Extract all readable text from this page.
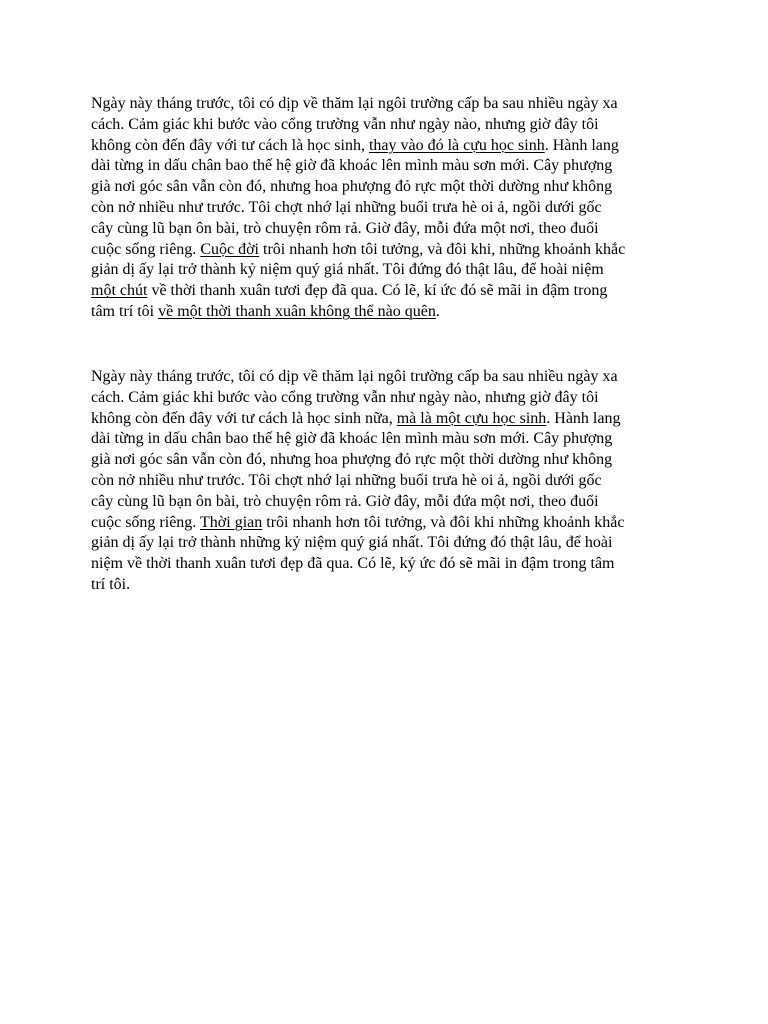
Ngày này tháng trước, tôi có dịp về thăm lại ngôi trường cấp ba sau nhiều ngày xa
cách. Cảm giác khi bước vào cổng trường vẫn như ngày nào, nhưng giờ đây tôi
không còn đến đây với tư cách là học sinh, thay vào đó là cựu học sinh. Hành lang
dài từng in dấu chân bao thế hệ giờ đã khoác lên mình màu sơn mới. Cây phượng
già nơi góc sân vẫn còn đó, nhưng hoa phượng đỏ rực một thời dường như không
còn nở nhiều như trước. Tôi chợt nhớ lại những buổi trưa hè oi ả, ngồi dưới gốc
cây cùng lũ bạn ôn bài, trò chuyện rôm rả. Giờ đây, mỗi đứa một nơi, theo đuổi
cuộc sống riêng. Cuộc đời trôi nhanh hơn tôi tưởng, và đôi khi, những khoảnh khắc
giản dị ấy lại trở thành kỷ niệm quý giá nhất. Tôi đứng đó thật lâu, để hoài niệm
một chút về thời thanh xuân tươi đẹp đã qua. Có lẽ, kí ức đó sẽ mãi in đậm trong
tâm trí tôi về một thời thanh xuân không thể nào quên.

Ngày này tháng trước, tôi có dịp về thăm lại ngôi trường cấp ba sau nhiều ngày xa
cách. Cảm giác khi bước vào cổng trường vẫn như ngày nào, nhưng giờ đây tôi
không còn đến đây với tư cách là học sinh nữa, mà là một cựu học sinh. Hành lang
dài từng in dấu chân bao thế hệ giờ đã khoác lên mình màu sơn mới. Cây phượng
già nơi góc sân vẫn còn đó, nhưng hoa phượng đỏ rực một thời dường như không
còn nở nhiều như trước. Tôi chợt nhớ lại những buổi trưa hè oi ả, ngồi dưới gốc
cây cùng lũ bạn ôn bài, trò chuyện rôm rả. Giờ đây, mỗi đứa một nơi, theo đuổi
cuộc sống riêng. Thời gian trôi nhanh hơn tôi tưởng, và đôi khi những khoảnh khắc
giản dị ấy lại trở thành những kỷ niệm quý giá nhất. Tôi đứng đó thật lâu, để hoài
niệm về thời thanh xuân tươi đẹp đã qua. Có lẽ, ký ức đó sẽ mãi in đậm trong tâm
trí tôi.
